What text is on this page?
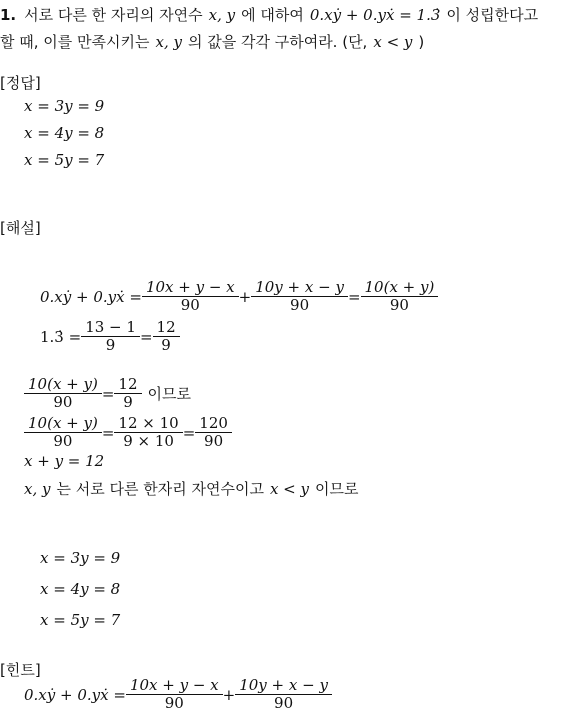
1. 서로 다른 한 자리의 자연수 x, y 에 대하여 0.xẏ + 0.yẋ = 1.3̇ 이 성립한다고
할 때, 이를 만족시키는 x, y 의 값을 각각 구하여라. (단, x < y )
[정답]
x = 3y = 9
x = 4y = 8
x = 5y = 7
[해설]
0.xẏ + 0.yẋ = $\frac{10x + y - x}{90} + \frac{10y + x - y}{90} = \frac{10(x + y)}{90}$
1.3̇ = $\frac{13 - 1}{9} = \frac{12}{9}$
$\frac{10(x + y)}{90} = \frac{12}{9}$ 이므로
$\frac{10(x + y)}{90} = \frac{12 \times 10}{9 \times 10} = \frac{120}{90}$
x + y = 12
x, y 는 서로 다른 한자리 자연수이고 x < y 이므로
x = 3y = 9
x = 4y = 8
x = 5y = 7
[힌트]
0.xẏ + 0.yẋ = $\frac{10x + y - x}{90} + \frac{10y + x - y}{90}$
